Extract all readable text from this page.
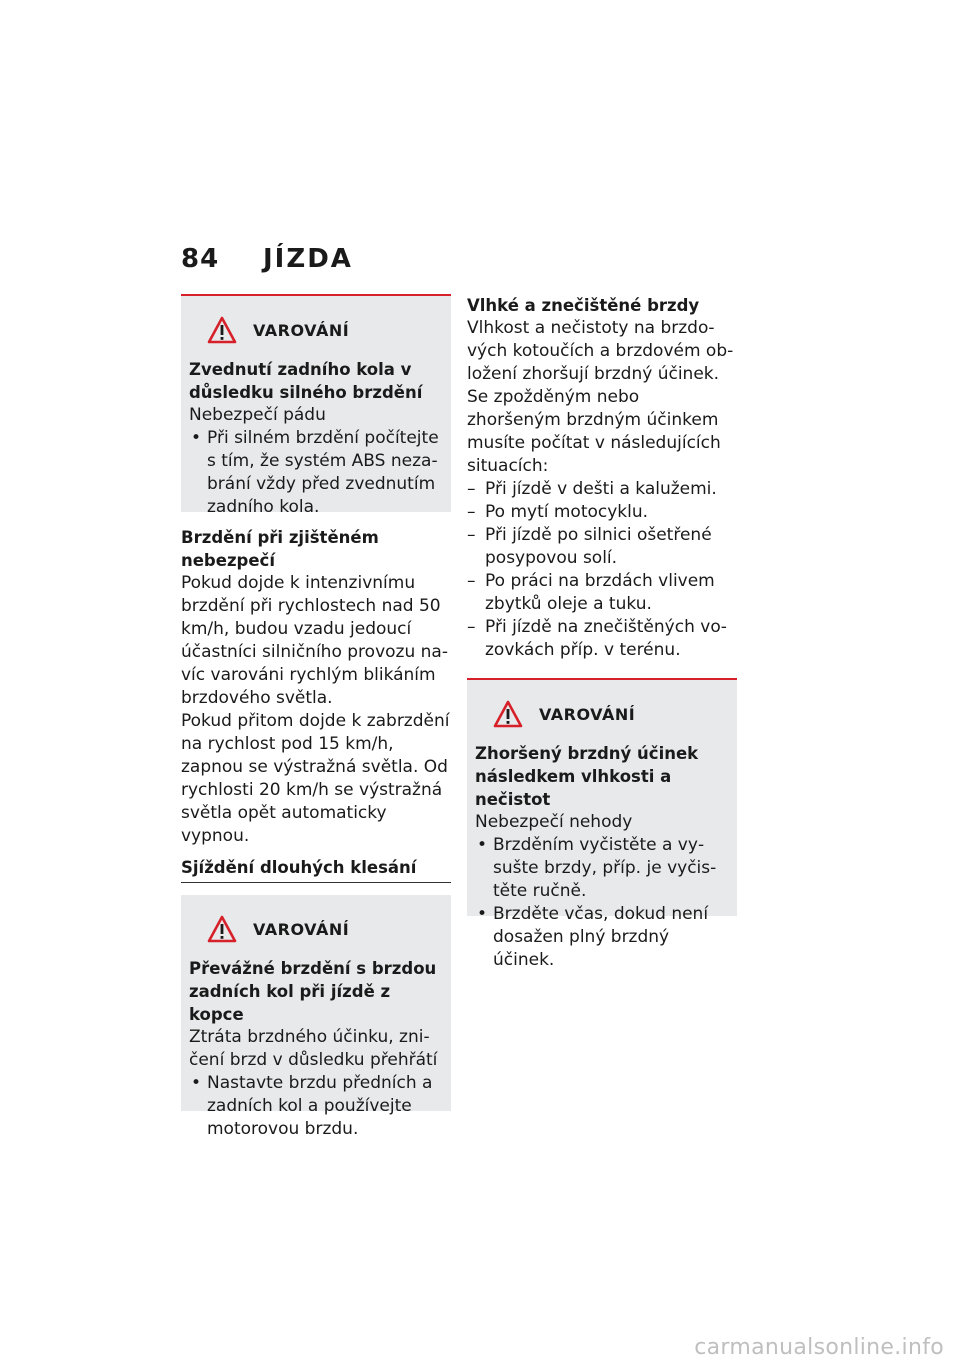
84	JÍZDA
VAROVÁNÍ
Zvednutí zadního kola v důsledku silného brzdění
Nebezpečí pádu
• Při silném brzdění počítejte s tím, že systém ABS nezabrání vždy před zvednutím zadního kola.
Brzdění při zjištěném nebezpečí
Pokud dojde k intenzivnímu brzdění při rychlostech nad 50 km/h, budou vzadu jedoucí účastníci silničního provozu navíc varováni rychlým blikáním brzdového světla.
Pokud přitom dojde k zabrzdění na rychlost pod 15 km/h, zapnou se výstražná světla. Od rychlosti 20 km/h se výstražná světla opět automaticky vypnou.
Sjíždění dlouhých klesání
VAROVÁNÍ
Převážné brzdění s brzdou zadních kol při jízdě z kopce
Ztráta brzdného účinku, zničení brzd v důsledku přehřátí
• Nastavte brzdu předních a zadních kol a používejte motorovou brzdu.
Vlhké a znečištěné brzdy
Vlhkost a nečistoty na brzdových kotoučích a brzdovém obložení zhoršují brzdný účinek. Se zpožděným nebo zhoršeným brzdným účinkem musíte počítat v následujících situacích:
– Při jízdě v dešti a kalužemi.
– Po mytí motocyklu.
– Při jízdě po silnici ošetřené posypovou solí.
– Po práci na brzdách vlivem zbytků oleje a tuku.
– Při jízdě na znečištěných vozovkách příp. v terénu.
VAROVÁNÍ
Zhoršený brzdný účinek následkem vlhkosti a nečistot
Nebezpečí nehody
• Brzděním vyčistěte a vysušte brzdy, příp. je vyčistěte ručně.
• Brzděte včas, dokud není dosažen plný brzdný účinek.
carmanualsonline.info
